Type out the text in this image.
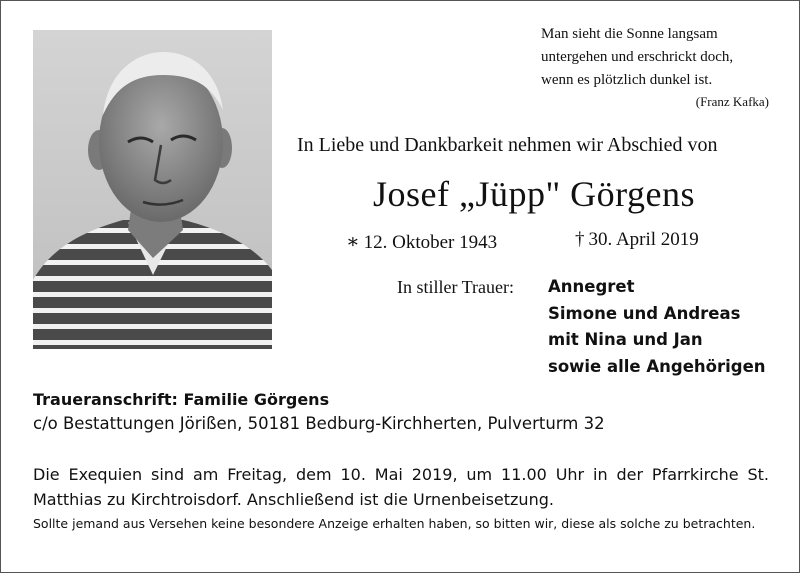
Man sieht die Sonne langsam
untergehen und erschrickt doch,
wenn es plötzlich dunkel ist.
(Franz Kafka)
In Liebe und Dankbarkeit nehmen wir Abschied von
Josef „Jüpp" Görgens
∗ 12. Oktober 1943	† 30. April 2019
In stiller Trauer: Annegret
Simone und Andreas
mit Nina und Jan
sowie alle Angehörigen
Traueranschrift: Familie Görgens
c/o Bestattungen Jörißen, 50181 Bedburg-Kirchherten, Pulverturm 32
Die Exequien sind am Freitag, dem 10. Mai 2019, um 11.00 Uhr in der Pfarrkirche St. Matthias zu Kirchtroisdorf. Anschließend ist die Urnenbeisetzung.
Sollte jemand aus Versehen keine besondere Anzeige erhalten haben, so bitten wir, diese als solche zu betrachten.
